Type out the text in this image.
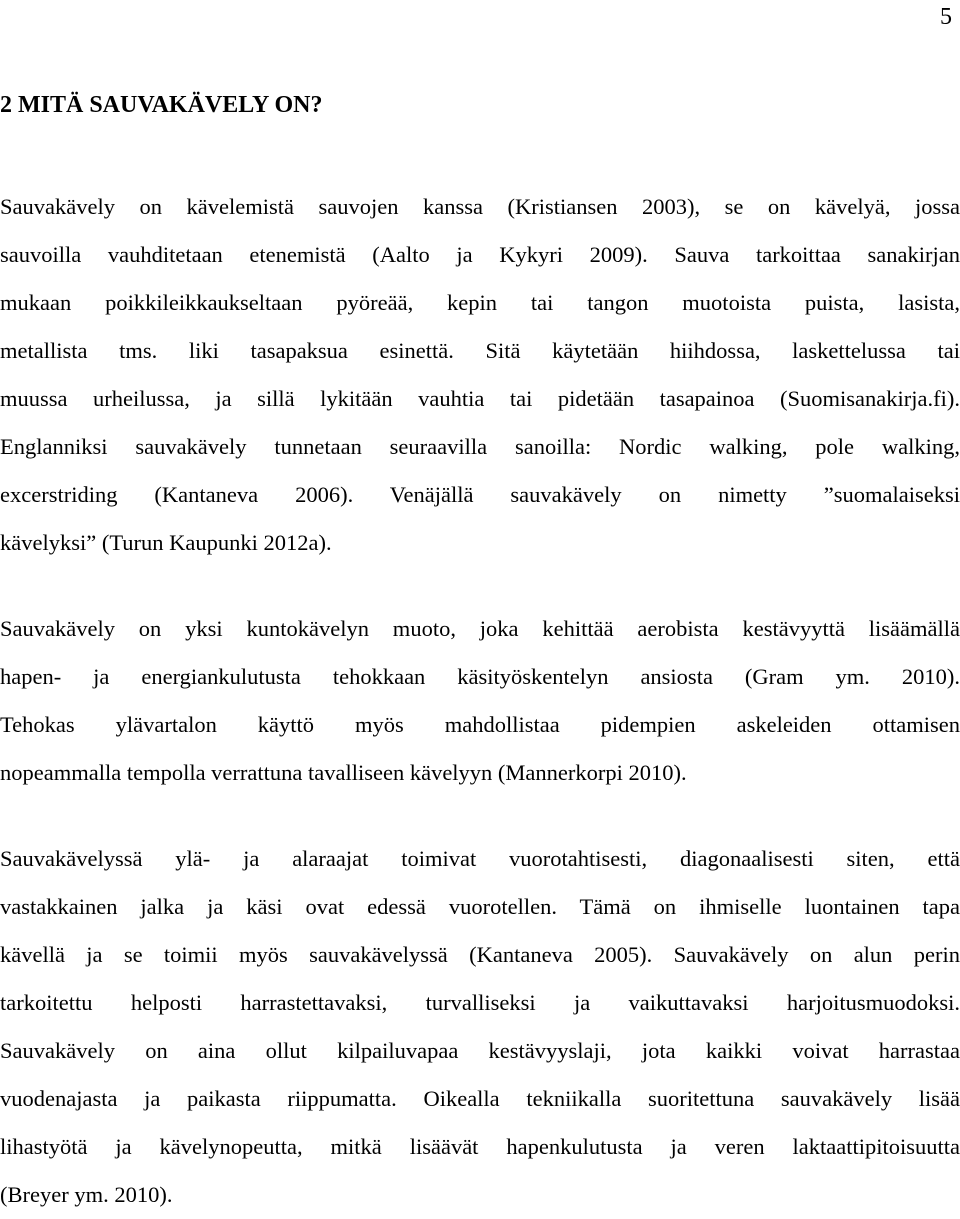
5
2 MITÄ SAUVAKÄVELY ON?
Sauvakävely on kävelemistä sauvojen kanssa (Kristiansen 2003), se on kävelyä, jossa
sauvoilla vauhditetaan etenemistä (Aalto ja Kykyri 2009). Sauva tarkoittaa sanakirjan
mukaan poikkileikkaukseltaan pyöreää, kepin tai tangon muotoista puista, lasista,
metallista tms. liki tasapaksua esinettä. Sitä käytetään hiihdossa, laskettelussa tai
muussa urheilussa, ja sillä lykitään vauhtia tai pidetään tasapainoa (Suomisanakirja.fi).
Englanniksi sauvakävely tunnetaan seuraavilla sanoilla: Nordic walking, pole walking,
excerstriding (Kantaneva 2006). Venäjällä sauvakävely on nimetty ”suomalaiseksi
kävelyksi” (Turun Kaupunki 2012a).
Sauvakävely on yksi kuntokävelyn muoto, joka kehittää aerobista kestävyyttä lisäämällä
hapen- ja energiankulutusta tehokkaan käsityöskentelyn ansiosta (Gram ym. 2010).
Tehokas ylävartalon käyttö myös mahdollistaa pidempien askeleiden ottamisen
nopeammalla tempolla verrattuna tavalliseen kävelyyn (Mannerkorpi 2010).
Sauvakävelyssä ylä- ja alaraajat toimivat vuorotahtisesti, diagonaalisesti siten, että
vastakkainen jalka ja käsi ovat edessä vuorotellen. Tämä on ihmiselle luontainen tapa
kävellä ja se toimii myös sauvakävelyssä (Kantaneva 2005). Sauvakävely on alun perin
tarkoitettu helposti harrastettavaksi, turvalliseksi ja vaikuttavaksi harjoitusmuodoksi.
Sauvakävely on aina ollut kilpailuvapaa kestävyyslaji, jota kaikki voivat harrastaa
vuodenajasta ja paikasta riippumatta. Oikealla tekniikalla suoritettuna sauvakävely lisää
lihastyötä ja kävelynopeutta, mitkä lisäävät hapenkulutusta ja veren laktaattipitoisuutta
(Breyer ym. 2010).
